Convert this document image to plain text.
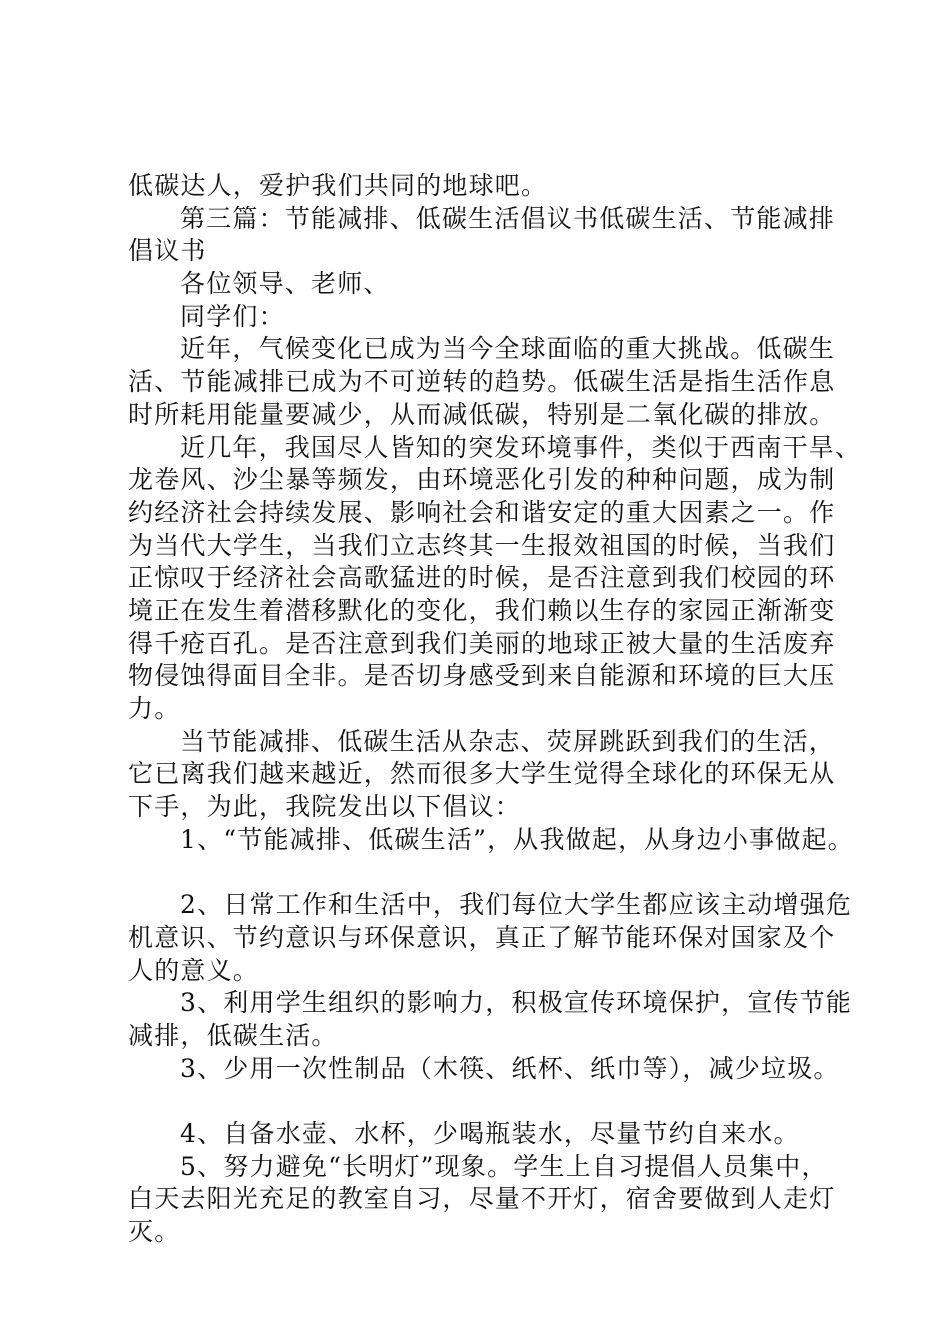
低碳达人，爱护我们共同的地球吧。
第三篇：节能减排、低碳生活倡议书低碳生活、节能减排
倡议书
各位领导、老师、
同学们：
近年，气候变化已成为当今全球面临的重大挑战。低碳生
活、节能减排已成为不可逆转的趋势。低碳生活是指生活作息
时所耗用能量要减少，从而减低碳，特别是二氧化碳的排放。
近几年，我国尽人皆知的突发环境事件，类似于西南干旱、
龙卷风、沙尘暴等频发，由环境恶化引发的种种问题，成为制
约经济社会持续发展、影响社会和谐安定的重大因素之一。作
为当代大学生，当我们立志终其一生报效祖国的时候，当我们
正惊叹于经济社会高歌猛进的时候，是否注意到我们校园的环
境正在发生着潜移默化的变化，我们赖以生存的家园正渐渐变
得千疮百孔。是否注意到我们美丽的地球正被大量的生活废弃
物侵蚀得面目全非。是否切身感受到来自能源和环境的巨大压
力。
当节能减排、低碳生活从杂志、荧屏跳跃到我们的生活，
它已离我们越来越近，然而很多大学生觉得全球化的环保无从
下手，为此，我院发出以下倡议：
1、“节能减排、低碳生活”，从我做起，从身边小事做起。
2、日常工作和生活中，我们每位大学生都应该主动增强危
机意识、节约意识与环保意识，真正了解节能环保对国家及个
人的意义。
3、利用学生组织的影响力，积极宣传环境保护，宣传节能
减排，低碳生活。
3、少用一次性制品（木筷、纸杯、纸巾等），减少垃圾。
4、自备水壶、水杯，少喝瓶装水，尽量节约自来水。
5、努力避免“长明灯”现象。学生上自习提倡人员集中，
白天去阳光充足的教室自习，尽量不开灯，宿舍要做到人走灯
灭。
